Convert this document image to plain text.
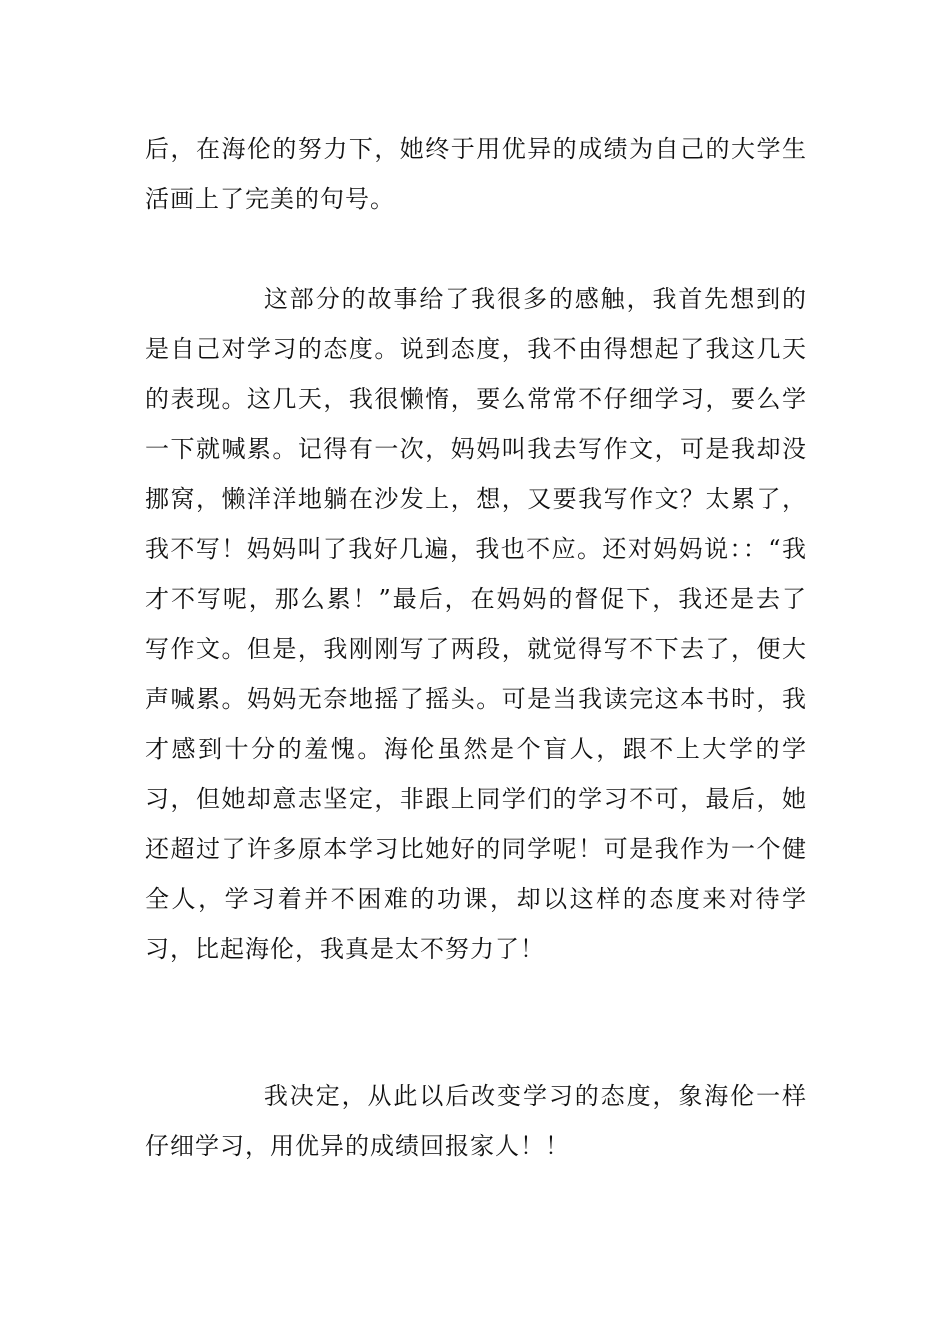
后，在海伦的努力下，她终于用优异的成绩为自己的大学生活画上了完美的句号。
这部分的故事给了我很多的感触，我首先想到的是自己对学习的态度。说到态度，我不由得想起了我这几天的表现。这几天，我很懒惰，要么常常不仔细学习，要么学一下就喊累。记得有一次，妈妈叫我去写作文，可是我却没挪窝，懒洋洋地躺在沙发上，想，又要我写作文？太累了，我不写！妈妈叫了我好几遍，我也不应。还对妈妈说：：“我才不写呢，那么累！”最后，在妈妈的督促下，我还是去了写作文。但是，我刚刚写了两段，就觉得写不下去了，便大声喊累。妈妈无奈地摇了摇头。可是当我读完这本书时，我才感到十分的羞愧。海伦虽然是个盲人，跟不上大学的学习，但她却意志坚定，非跟上同学们的学习不可，最后，她还超过了许多原本学习比她好的同学呢！可是我作为一个健全人，学习着并不困难的功课，却以这样的态度来对待学习，比起海伦，我真是太不努力了！
我决定，从此以后改变学习的态度，象海伦一样仔细学习，用优异的成绩回报家人！！
